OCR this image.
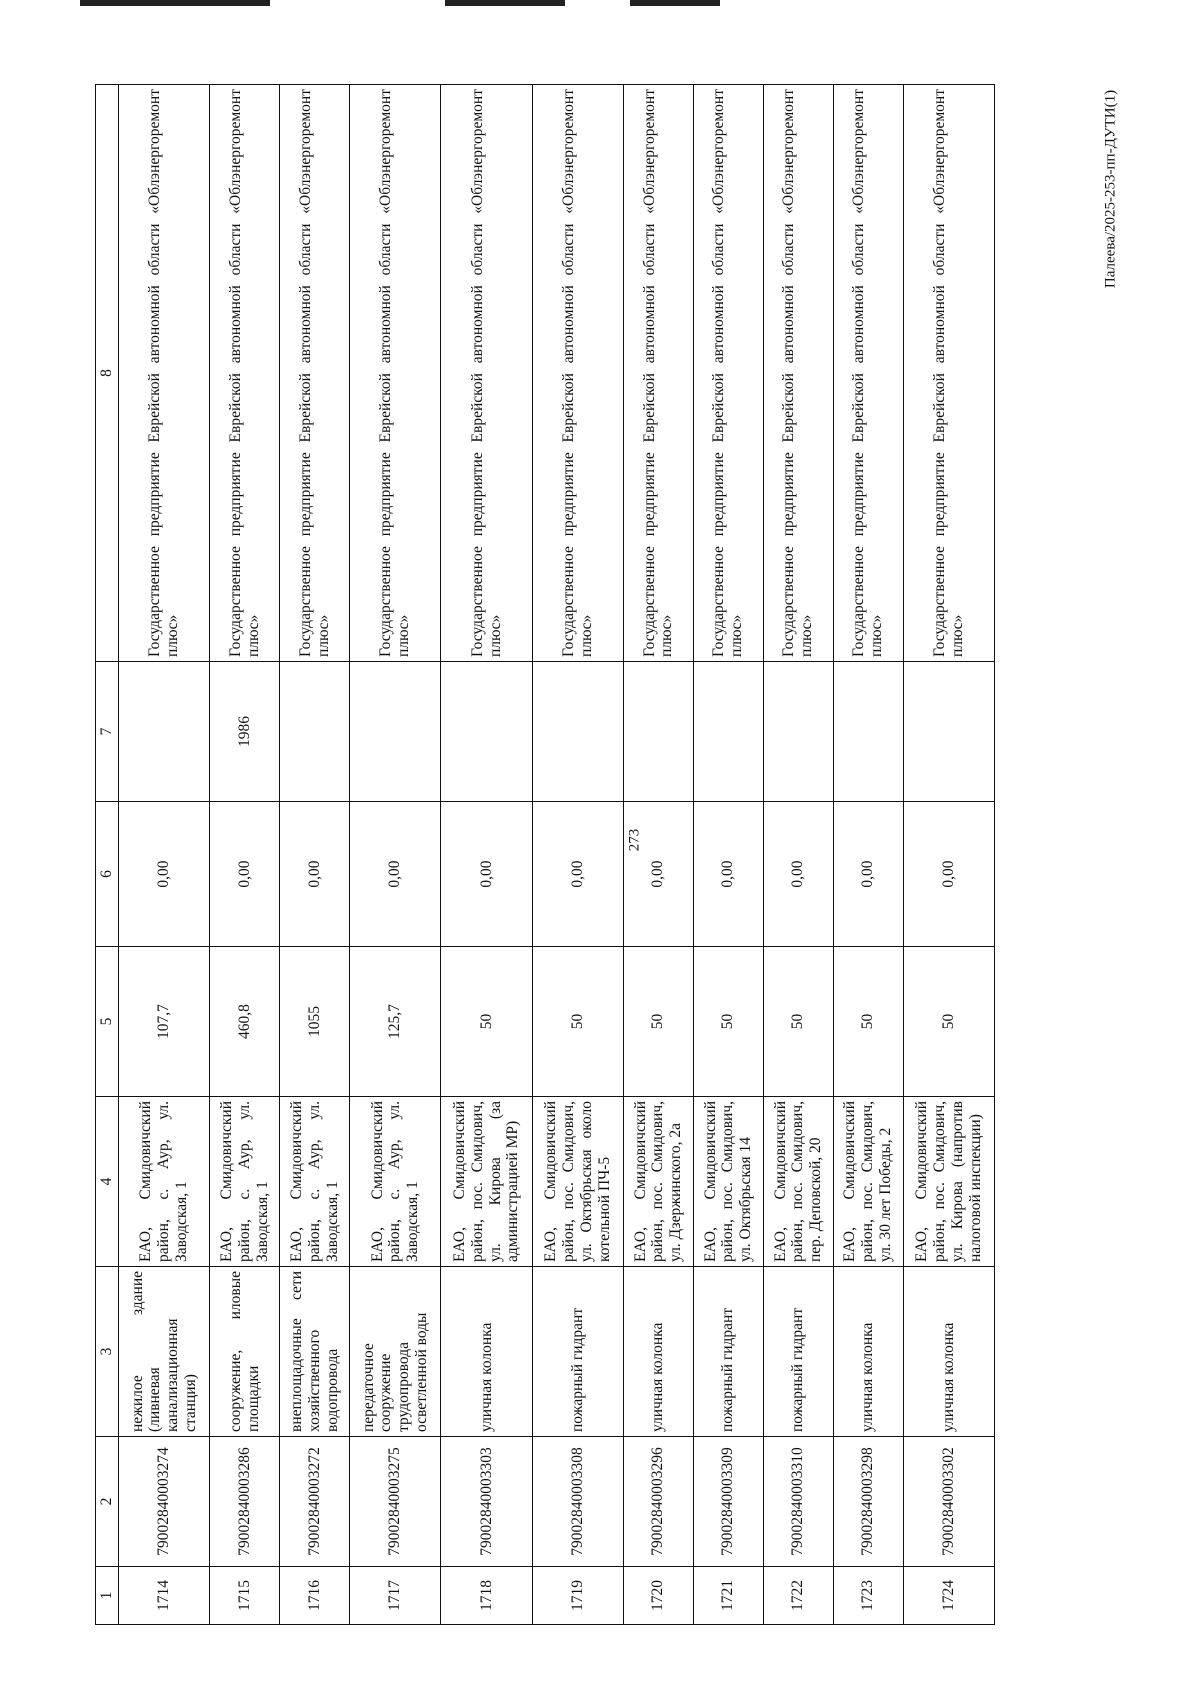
273
Палеева/2025-253-пп-ДУТИ(1)
1	2	3	4	5	6	7	8
1714	79002840003274	нежилое здание (ливневая канализационная станция)	ЕАО, Смидовичский район, с. Аур, ул. Заводская, 1	107,7	0,00		Государственное предприятие Еврейской автономной области «Облэнергоремонт плюс»
1715	79002840003286	сооружение, иловые площадки	ЕАО, Смидовичский район, с. Аур, ул. Заводская, 1	460,8	0,00	1986	Государственное предприятие Еврейской автономной области «Облэнергоремонт плюс»
1716	79002840003272	внеплощадочные сети хозяйственного водопровода	ЕАО, Смидовичский район, с. Аур, ул. Заводская, 1	1055	0,00		Государственное предприятие Еврейской автономной области «Облэнергоремонт плюс»
1717	79002840003275	передаточное сооружение трудопровода осветленной воды	ЕАО, Смидовичский район, с. Аур, ул. Заводская, 1	125,7	0,00		Государственное предприятие Еврейской автономной области «Облэнергоремонт плюс»
1718	79002840003303	уличная колонка	ЕАО, Смидовичский район, пос. Смидович, ул. Кирова (за администрацией МР)	50	0,00		Государственное предприятие Еврейской автономной области «Облэнергоремонт плюс»
1719	79002840003308	пожарный гидрант	ЕАО, Смидовичский район, пос. Смидович, ул. Октябрьская около котельной ПЧ-5	50	0,00		Государственное предприятие Еврейской автономной области «Облэнергоремонт плюс»
1720	79002840003296	уличная колонка	ЕАО, Смидовичский район, пос. Смидович, ул. Дзержинского, 2а	50	0,00		Государственное предприятие Еврейской автономной области «Облэнергоремонт плюс»
1721	79002840003309	пожарный гидрант	ЕАО, Смидовичский район, пос. Смидович, ул. Октябрьская 14	50	0,00		Государственное предприятие Еврейской автономной области «Облэнергоремонт плюс»
1722	79002840003310	пожарный гидрант	ЕАО, Смидовичский район, пос. Смидович, пер. Деповской, 20	50	0,00		Государственное предприятие Еврейской автономной области «Облэнергоремонт плюс»
1723	79002840003298	уличная колонка	ЕАО, Смидовичский район, пос. Смидович, ул. 30 лет Победы, 2	50	0,00		Государственное предприятие Еврейской автономной области «Облэнергоремонт плюс»
1724	79002840003302	уличная колонка	ЕАО, Смидовичский район, пос. Смидович, ул. Кирова (напротив налоговой инспекции)	50	0,00		Государственное предприятие Еврейской автономной области «Облэнергоремонт плюс»
